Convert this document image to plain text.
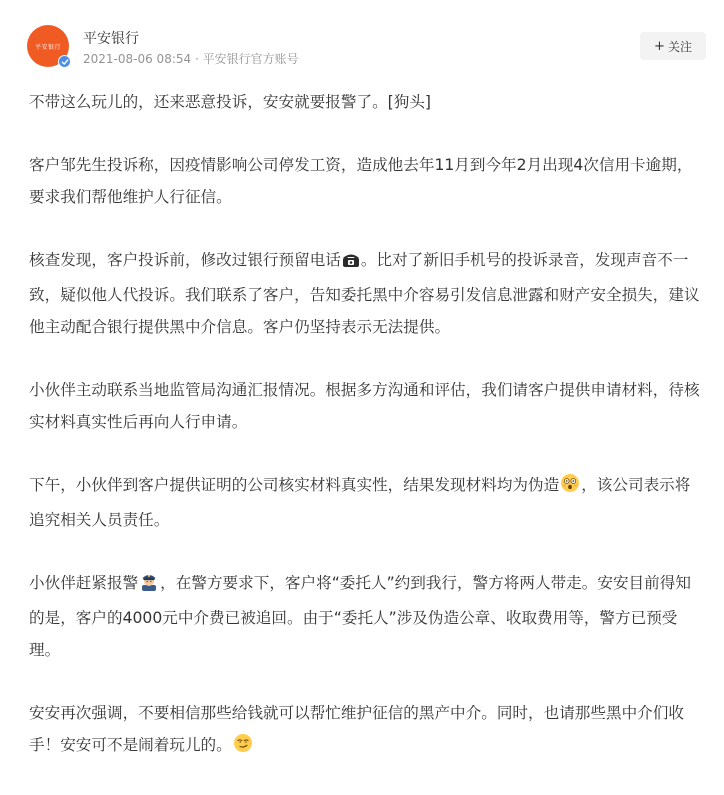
平安银行 平安银行
2021-08-06 08:54 · 平安银行官方账号
+ 关注

不带这么玩儿的，还来恶意投诉，安安就要报警了。[狗头]

客户邹先生投诉称，因疫情影响公司停发工资，造成他去年11月到今年2月出现4次信用卡逾期，要求我们帮他维护人行征信。

核查发现，客户投诉前，修改过银行预留电话 。比对了新旧手机号的投诉录音，发现声音不一致，疑似他人代投诉。我们联系了客户，告知委托黑中介容易引发信息泄露和财产安全损失，建议他主动配合银行提供黑中介信息。客户仍坚持表示无法提供。

小伙伴主动联系当地监管局沟通汇报情况。根据多方沟通和评估，我们请客户提供申请材料，待核实材料真实性后再向人行申请。

下午，小伙伴到客户提供证明的公司核实材料真实性，结果发现材料均为伪造 ，该公司表示将追究相关人员责任。

小伙伴赶紧报警 ，在警方要求下，客户将“委托人”约到我行，警方将两人带走。安安目前得知的是，客户的4000元中介费已被追回。由于“委托人”涉及伪造公章、收取费用等，警方已预受理。

安安再次强调，不要相信那些给钱就可以帮忙维护征信的黑产中介。同时，也请那些黑中介们收手！安安可不是闹着玩儿的。
